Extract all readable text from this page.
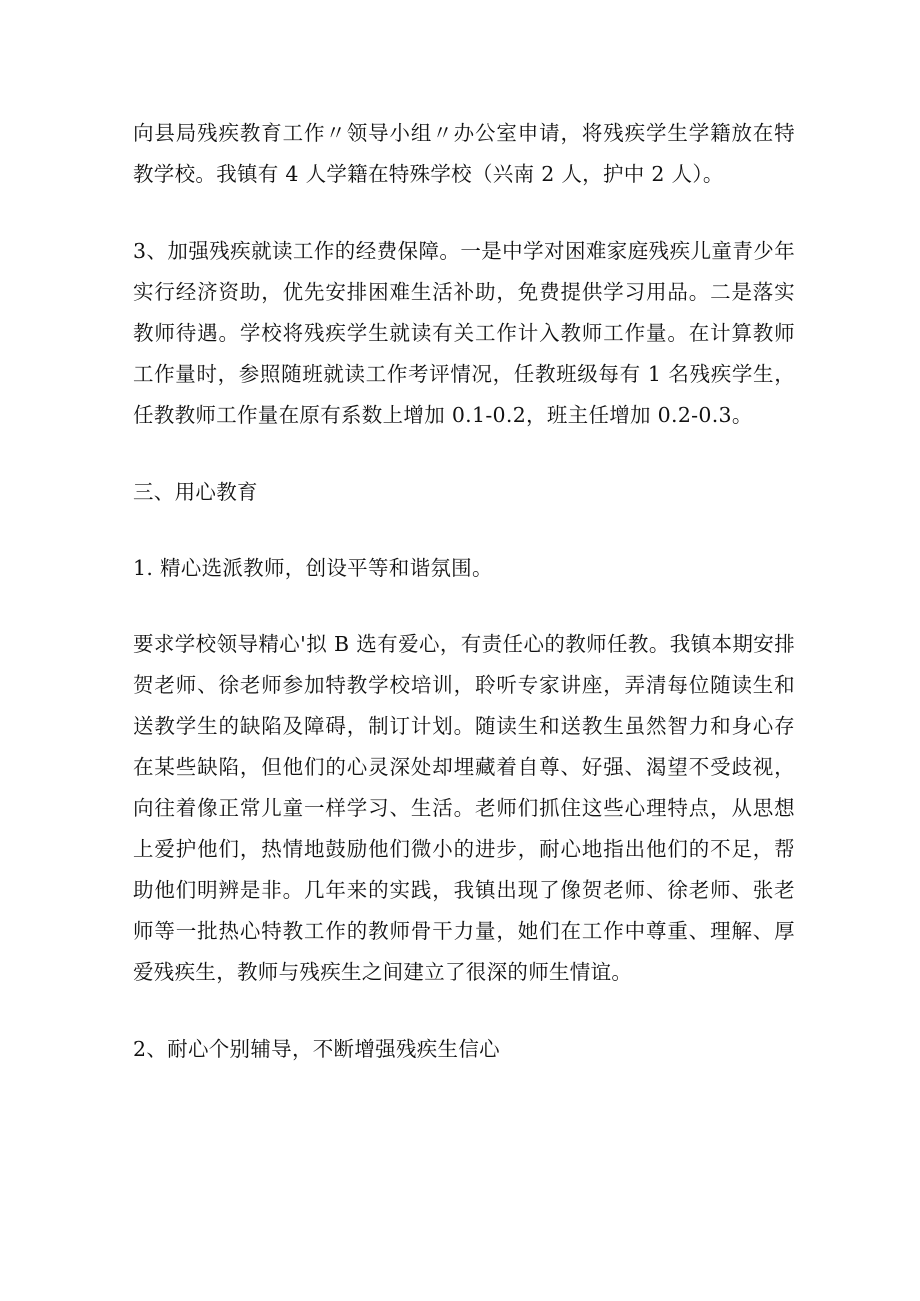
向县局残疾教育工作〃领导小组〃办公室申请，将残疾学生学籍放在特教学校。我镇有 4 人学籍在特殊学校（兴南 2 人，护中 2 人）。

3、加强残疾就读工作的经费保障。一是中学对困难家庭残疾儿童青少年实行经济资助，优先安排困难生活补助，免费提供学习用品。二是落实教师待遇。学校将残疾学生就读有关工作计入教师工作量。在计算教师工作量时，参照随班就读工作考评情况，任教班级每有 1 名残疾学生，任教教师工作量在原有系数上增加 0.1-0.2，班主任增加 0.2-0.3。

三、用心教育

1. 精心选派教师，创设平等和谐氛围。

要求学校领导精心'拟 B 选有爱心，有责任心的教师任教。我镇本期安排贺老师、徐老师参加特教学校培训，聆听专家讲座，弄清每位随读生和送教学生的缺陷及障碍，制订计划。随读生和送教生虽然智力和身心存在某些缺陷，但他们的心灵深处却埋藏着自尊、好强、渴望不受歧视，向往着像正常儿童一样学习、生活。老师们抓住这些心理特点，从思想上爱护他们，热情地鼓励他们微小的进步，耐心地指出他们的不足，帮助他们明辨是非。几年来的实践，我镇出现了像贺老师、徐老师、张老师等一批热心特教工作的教师骨干力量，她们在工作中尊重、理解、厚爱残疾生，教师与残疾生之间建立了很深的师生情谊。

2、耐心个别辅导，不断增强残疾生信心
